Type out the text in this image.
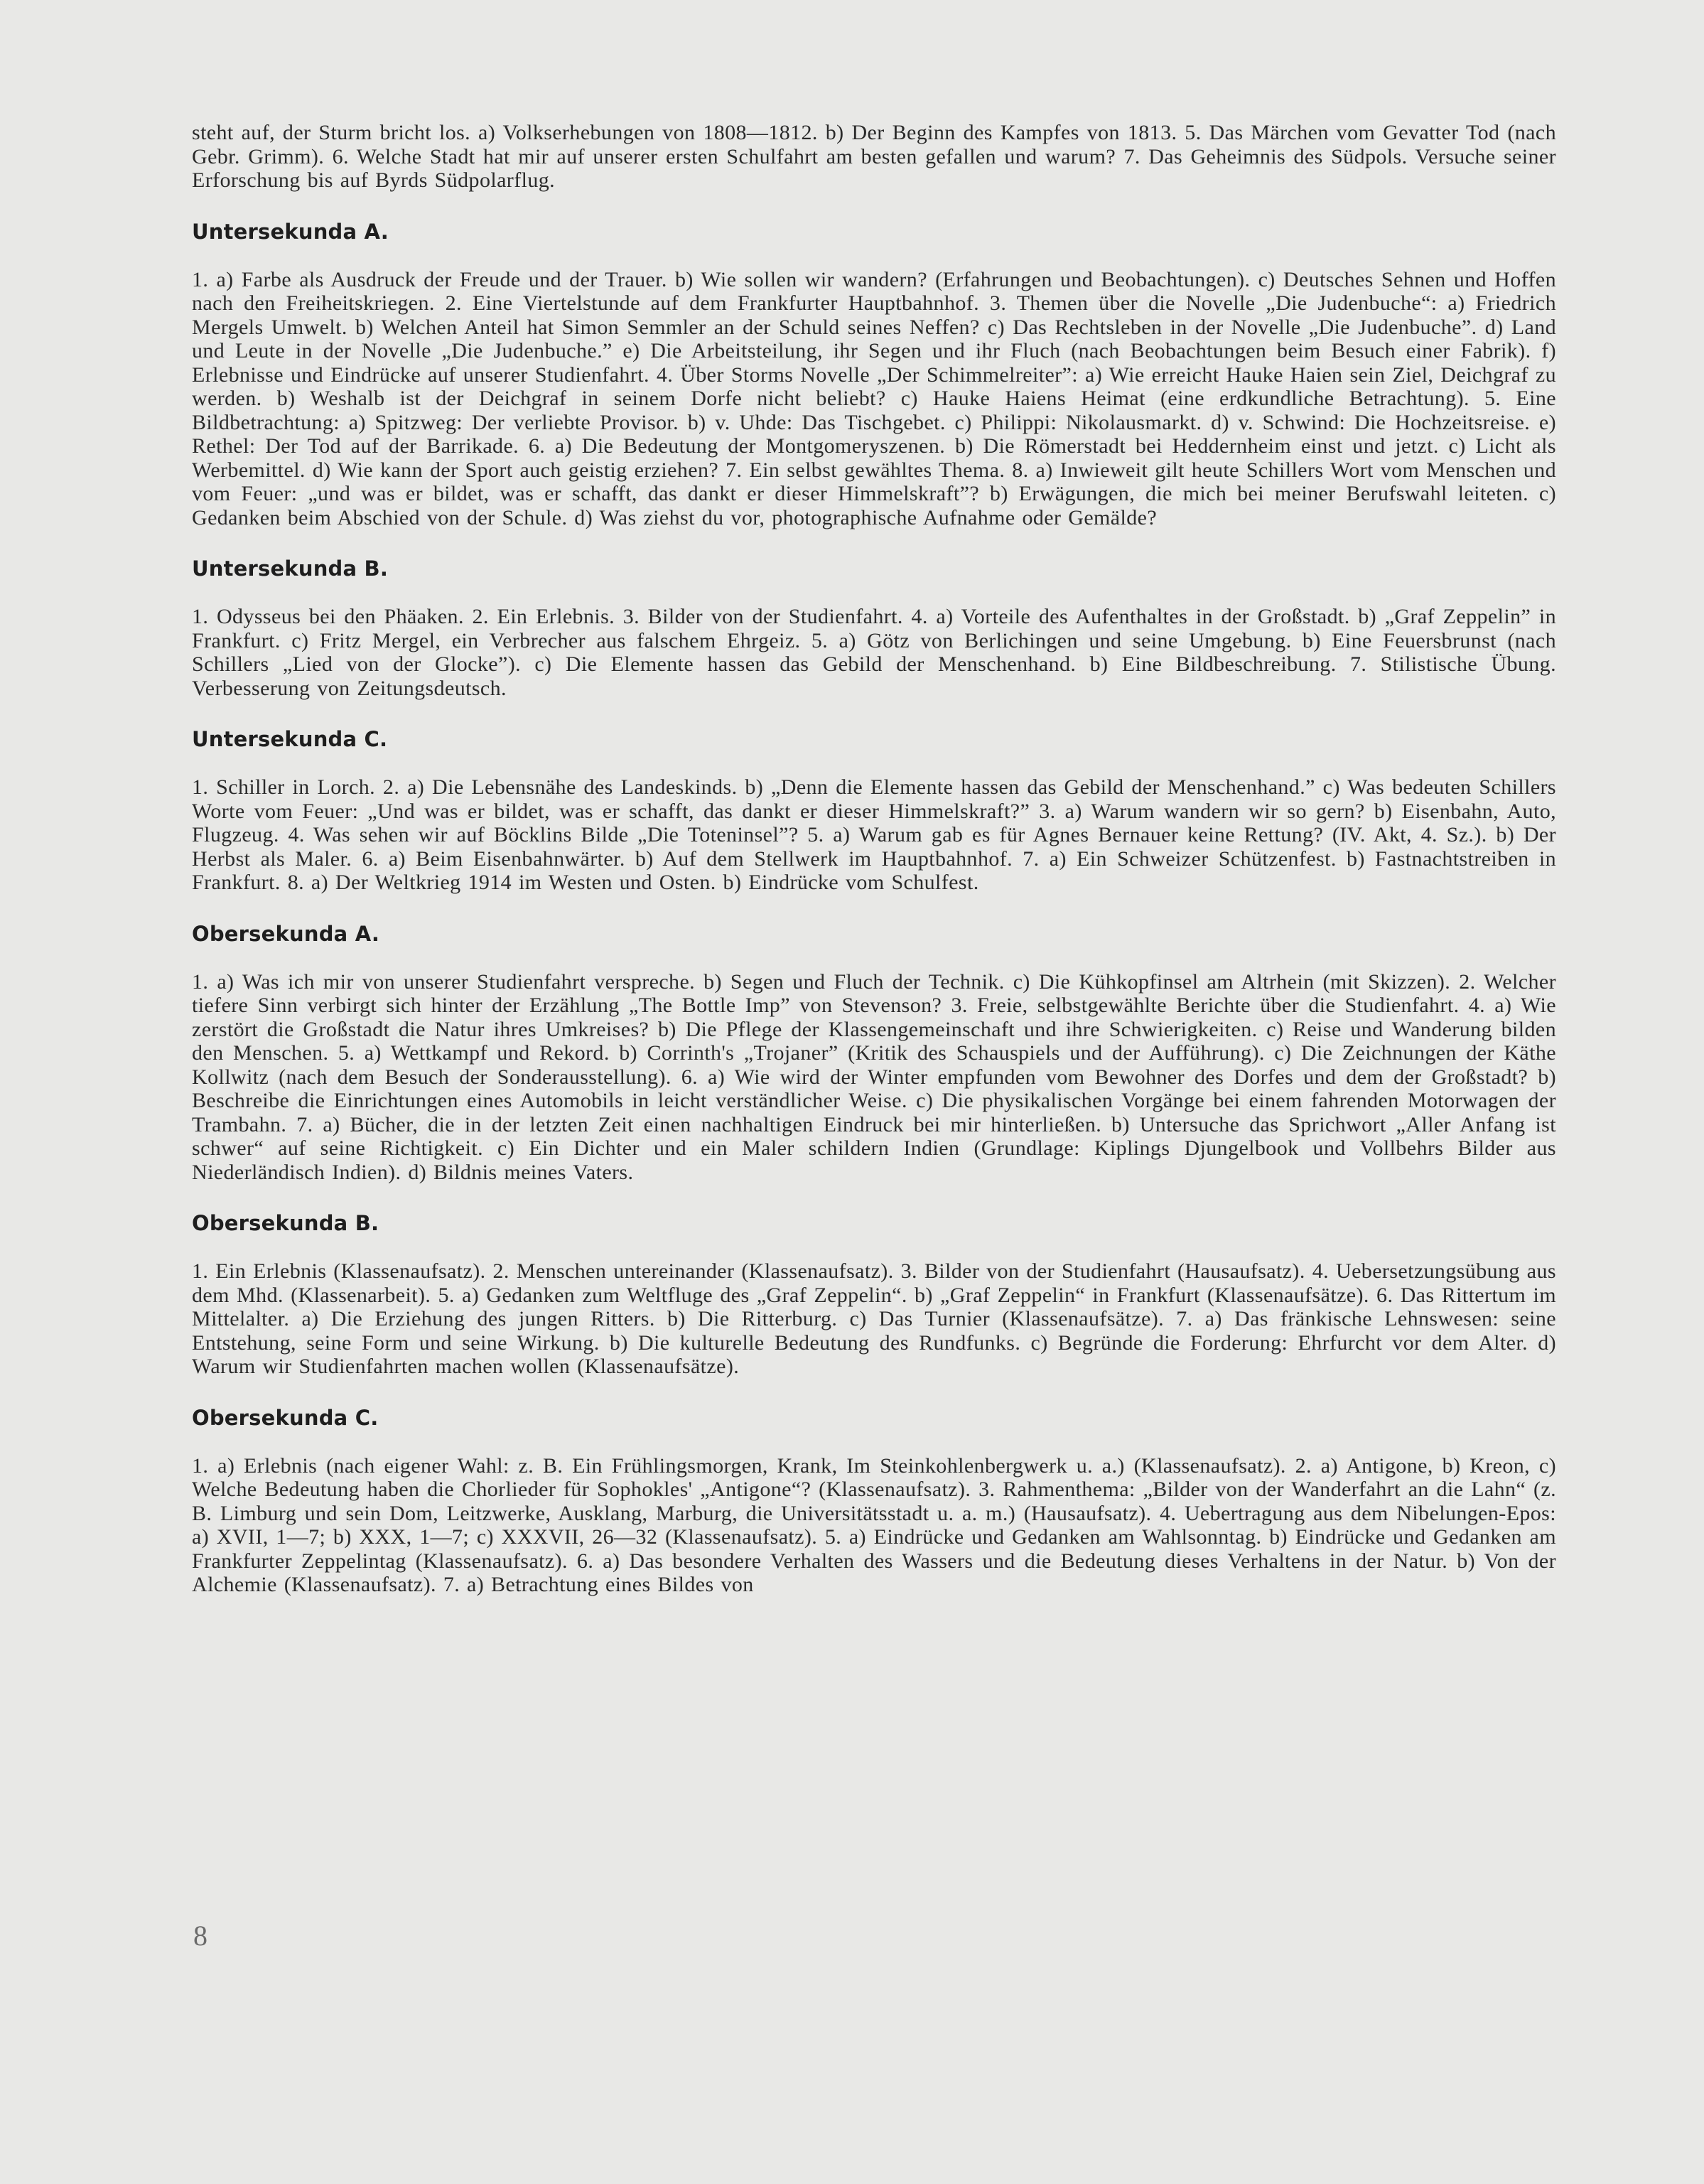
steht auf, der Sturm bricht los. a) Volkserhebungen von 1808—1812. b) Der Beginn des Kampfes von 1813. 5. Das Märchen vom Gevatter Tod (nach Gebr. Grimm). 6. Welche Stadt hat mir auf unserer ersten Schulfahrt am besten gefallen und warum? 7. Das Geheimnis des Südpols. Versuche seiner Erforschung bis auf Byrds Südpolarflug.

Untersekunda A.

1. a) Farbe als Ausdruck der Freude und der Trauer. b) Wie sollen wir wandern? (Erfahrungen und Beobachtungen). c) Deutsches Sehnen und Hoffen nach den Freiheitskriegen. 2. Eine Viertelstunde auf dem Frankfurter Hauptbahnhof. 3. Themen über die Novelle „Die Judenbuche“: a) Friedrich Mergels Umwelt. b) Welchen Anteil hat Simon Semmler an der Schuld seines Neffen? c) Das Rechtsleben in der Novelle „Die Judenbuche”. d) Land und Leute in der Novelle „Die Judenbuche.” e) Die Arbeitsteilung, ihr Segen und ihr Fluch (nach Beobachtungen beim Besuch einer Fabrik). f) Erlebnisse und Eindrücke auf unserer Studienfahrt. 4. Über Storms Novelle „Der Schimmelreiter”: a) Wie erreicht Hauke Haien sein Ziel, Deichgraf zu werden. b) Weshalb ist der Deichgraf in seinem Dorfe nicht beliebt? c) Hauke Haiens Heimat (eine erdkundliche Betrachtung). 5. Eine Bildbetrachtung: a) Spitzweg: Der verliebte Provisor. b) v. Uhde: Das Tischgebet. c) Philippi: Nikolausmarkt. d) v. Schwind: Die Hochzeitsreise. e) Rethel: Der Tod auf der Barrikade. 6. a) Die Bedeutung der Montgomeryszenen. b) Die Römerstadt bei Heddernheim einst und jetzt. c) Licht als Werbemittel. d) Wie kann der Sport auch geistig erziehen? 7. Ein selbst gewähltes Thema. 8. a) Inwieweit gilt heute Schillers Wort vom Menschen und vom Feuer: „und was er bildet, was er schafft, das dankt er dieser Himmelskraft”? b) Erwägungen, die mich bei meiner Berufswahl leiteten. c) Gedanken beim Abschied von der Schule. d) Was ziehst du vor, photographische Aufnahme oder Gemälde?

Untersekunda B.

1. Odysseus bei den Phäaken. 2. Ein Erlebnis. 3. Bilder von der Studienfahrt. 4. a) Vorteile des Aufenthaltes in der Großstadt. b) „Graf Zeppelin” in Frankfurt. c) Fritz Mergel, ein Verbrecher aus falschem Ehrgeiz. 5. a) Götz von Berlichingen und seine Umgebung. b) Eine Feuersbrunst (nach Schillers „Lied von der Glocke”). c) Die Elemente hassen das Gebild der Menschenhand. b) Eine Bildbeschreibung. 7. Stilistische Übung. Verbesserung von Zeitungsdeutsch.

Untersekunda C.

1. Schiller in Lorch. 2. a) Die Lebensnähe des Landeskinds. b) „Denn die Elemente hassen das Gebild der Menschenhand.” c) Was bedeuten Schillers Worte vom Feuer: „Und was er bildet, was er schafft, das dankt er dieser Himmelskraft?” 3. a) Warum wandern wir so gern? b) Eisenbahn, Auto, Flugzeug. 4. Was sehen wir auf Böcklins Bilde „Die Toteninsel”? 5. a) Warum gab es für Agnes Bernauer keine Rettung? (IV. Akt, 4. Sz.). b) Der Herbst als Maler. 6. a) Beim Eisenbahnwärter. b) Auf dem Stellwerk im Hauptbahnhof. 7. a) Ein Schweizer Schützenfest. b) Fastnachtstreiben in Frankfurt. 8. a) Der Weltkrieg 1914 im Westen und Osten. b) Eindrücke vom Schulfest.

Obersekunda A.

1. a) Was ich mir von unserer Studienfahrt verspreche. b) Segen und Fluch der Technik. c) Die Kühkopfinsel am Altrhein (mit Skizzen). 2. Welcher tiefere Sinn verbirgt sich hinter der Erzählung „The Bottle Imp” von Stevenson? 3. Freie, selbstgewählte Berichte über die Studienfahrt. 4. a) Wie zerstört die Großstadt die Natur ihres Umkreises? b) Die Pflege der Klassengemeinschaft und ihre Schwierigkeiten. c) Reise und Wanderung bilden den Menschen. 5. a) Wettkampf und Rekord. b) Corrinth's „Trojaner” (Kritik des Schauspiels und der Aufführung). c) Die Zeichnungen der Käthe Kollwitz (nach dem Besuch der Sonderausstellung). 6. a) Wie wird der Winter empfunden vom Bewohner des Dorfes und dem der Großstadt? b) Beschreibe die Einrichtungen eines Automobils in leicht verständlicher Weise. c) Die physikalischen Vorgänge bei einem fahrenden Motorwagen der Trambahn. 7. a) Bücher, die in der letzten Zeit einen nachhaltigen Eindruck bei mir hinterließen. b) Untersuche das Sprichwort „Aller Anfang ist schwer“ auf seine Richtigkeit. c) Ein Dichter und ein Maler schildern Indien (Grundlage: Kiplings Djungelbook und Vollbehrs Bilder aus Niederländisch Indien). d) Bildnis meines Vaters.

Obersekunda B.

1. Ein Erlebnis (Klassenaufsatz). 2. Menschen untereinander (Klassenaufsatz). 3. Bilder von der Studienfahrt (Hausaufsatz). 4. Uebersetzungsübung aus dem Mhd. (Klassenarbeit). 5. a) Gedanken zum Weltfluge des „Graf Zeppelin“. b) „Graf Zeppelin“ in Frankfurt (Klassenaufsätze). 6. Das Rittertum im Mittelalter. a) Die Erziehung des jungen Ritters. b) Die Ritterburg. c) Das Turnier (Klassenaufsätze). 7. a) Das fränkische Lehnswesen: seine Entstehung, seine Form und seine Wirkung. b) Die kulturelle Bedeutung des Rundfunks. c) Begründe die Forderung: Ehrfurcht vor dem Alter. d) Warum wir Studienfahrten machen wollen (Klassenaufsätze).

Obersekunda C.

1. a) Erlebnis (nach eigener Wahl: z. B. Ein Frühlingsmorgen, Krank, Im Steinkohlenbergwerk u. a.) (Klassenaufsatz). 2. a) Antigone, b) Kreon, c) Welche Bedeutung haben die Chorlieder für Sophokles' „Antigone“? (Klassenaufsatz). 3. Rahmenthema: „Bilder von der Wanderfahrt an die Lahn“ (z. B. Limburg und sein Dom, Leitzwerke, Ausklang, Marburg, die Universitätsstadt u. a. m.) (Hausaufsatz). 4. Uebertragung aus dem Nibelungen-Epos: a) XVII, 1—7; b) XXX, 1—7; c) XXXVII, 26—32 (Klassenaufsatz). 5. a) Eindrücke und Gedanken am Wahlsonntag. b) Eindrücke und Gedanken am Frankfurter Zeppelintag (Klassenaufsatz). 6. a) Das besondere Verhalten des Wassers und die Bedeutung dieses Verhaltens in der Natur. b) Von der Alchemie (Klassenaufsatz). 7. a) Betrachtung eines Bildes von

8
